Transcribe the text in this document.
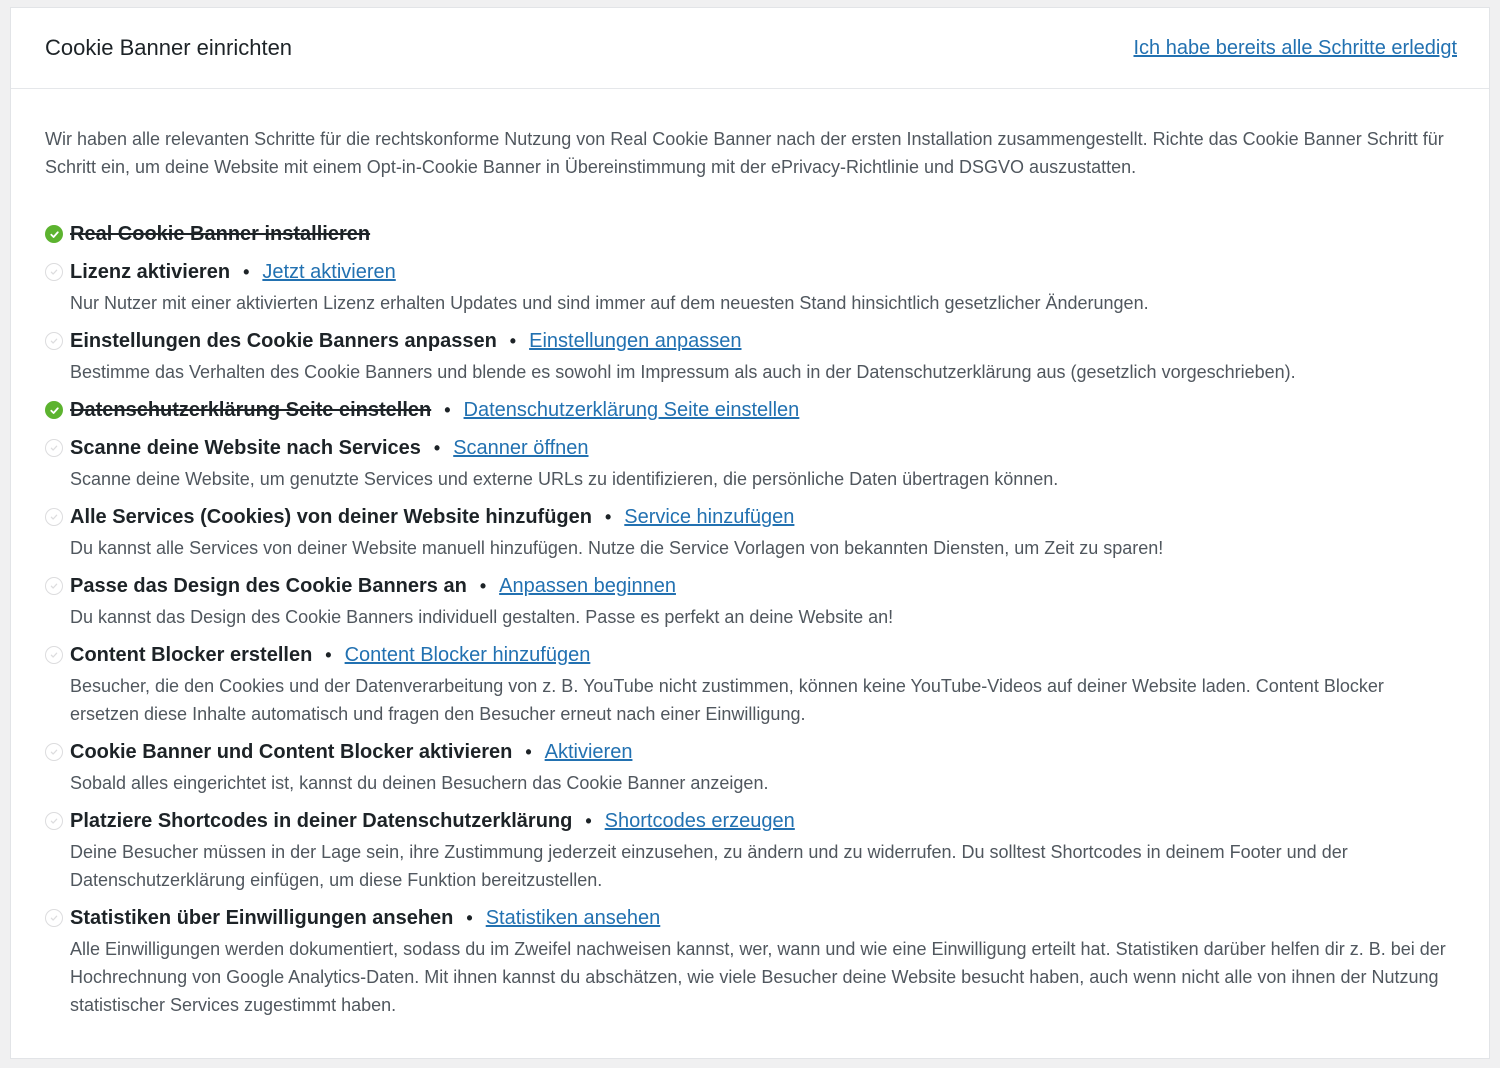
Cookie Banner einrichten	Ich habe bereits alle Schritte erledigt

Wir haben alle relevanten Schritte für die rechtskonforme Nutzung von Real Cookie Banner nach der ersten Installation zusammengestellt. Richte das Cookie Banner Schritt für Schritt ein, um deine Website mit einem Opt-in-Cookie Banner in Übereinstimmung mit der ePrivacy-Richtlinie und DSGVO auszustatten.

Real Cookie Banner installieren
Lizenz aktivieren • Jetzt aktivieren

Nur Nutzer mit einer aktivierten Lizenz erhalten Updates und sind immer auf dem neuesten Stand hinsichtlich gesetzlicher Änderungen.

Einstellungen des Cookie Banners anpassen • Einstellungen anpassen

Bestimme das Verhalten des Cookie Banners und blende es sowohl im Impressum als auch in der Datenschutzerklärung aus (gesetzlich vorgeschrieben).

Datenschutzerklärung Seite einstellen • Datenschutzerklärung Seite einstellen
Scanne deine Website nach Services • Scanner öffnen

Scanne deine Website, um genutzte Services und externe URLs zu identifizieren, die persönliche Daten übertragen können.

Alle Services (Cookies) von deiner Website hinzufügen • Service hinzufügen

Du kannst alle Services von deiner Website manuell hinzufügen. Nutze die Service Vorlagen von bekannten Diensten, um Zeit zu sparen!

Passe das Design des Cookie Banners an • Anpassen beginnen

Du kannst das Design des Cookie Banners individuell gestalten. Passe es perfekt an deine Website an!

Content Blocker erstellen • Content Blocker hinzufügen

Besucher, die den Cookies und der Datenverarbeitung von z. B. YouTube nicht zustimmen, können keine YouTube-Videos auf deiner Website laden. Content Blocker ersetzen diese Inhalte automatisch und fragen den Besucher erneut nach einer Einwilligung.

Cookie Banner und Content Blocker aktivieren • Aktivieren

Sobald alles eingerichtet ist, kannst du deinen Besuchern das Cookie Banner anzeigen.

Platziere Shortcodes in deiner Datenschutzerklärung • Shortcodes erzeugen

Deine Besucher müssen in der Lage sein, ihre Zustimmung jederzeit einzusehen, zu ändern und zu widerrufen. Du solltest Shortcodes in deinem Footer und der Datenschutzerklärung einfügen, um diese Funktion bereitzustellen.

Statistiken über Einwilligungen ansehen • Statistiken ansehen

Alle Einwilligungen werden dokumentiert, sodass du im Zweifel nachweisen kannst, wer, wann und wie eine Einwilligung erteilt hat. Statistiken darüber helfen dir z. B. bei der Hochrechnung von Google Analytics-Daten. Mit ihnen kannst du abschätzen, wie viele Besucher deine Website besucht haben, auch wenn nicht alle von ihnen der Nutzung statistischer Services zugestimmt haben.
